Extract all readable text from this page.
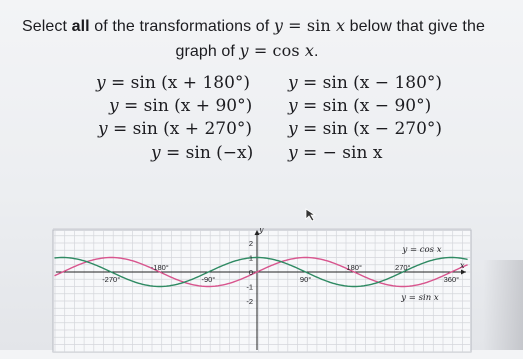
Select all of the transformations of y = sin x below that give the
graph of y = cos x.
y = sin (x + 180°) y = sin (x − 180°)
y = sin (x + 90°) y = sin (x − 90°)
y = sin (x + 270°) y = sin (x − 270°)
y = sin (−x) y = − sin x
2
1
0
-1
-2
-270°
-180°
-90°	90°
180°	270°
360°
y
x
y = cos x
y = sin x
